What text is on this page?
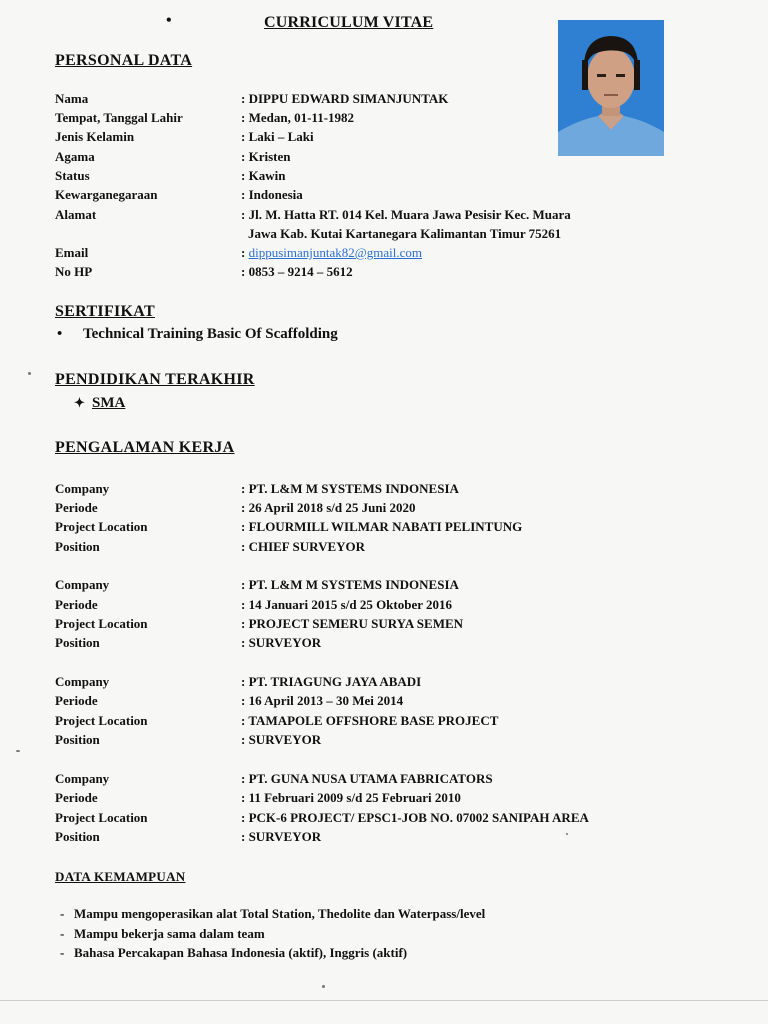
•	CURRICULUM VITAE
PERSONAL DATA
Nama	: DIPPU EDWARD SIMANJUNTAK
Tempat, Tanggal Lahir	: Medan, 01-11-1982
Jenis Kelamin	: Laki – Laki
Agama	: Kristen
Status	: Kawin
Kewarganegaraan	: Indonesia
Alamat	: Jl. M. Hatta RT. 014 Kel. Muara Jawa Pesisir Kec. Muara
Jawa Kab. Kutai Kartanegara Kalimantan Timur 75261
Email	: dippusimanjuntak82@gmail.com
No HP	: 0853 – 9214 – 5612
SERTIFIKAT
• Technical Training Basic Of Scaffolding
PENDIDIKAN TERAKHIR
✦ SMA
PENGALAMAN KERJA
Company	: PT. L&M M SYSTEMS INDONESIA
Periode	: 26 April 2018 s/d 25 Juni 2020
Project Location	: FLOURMILL WILMAR NABATI PELINTUNG
Position	: CHIEF SURVEYOR
Company	: PT. L&M M SYSTEMS INDONESIA
Periode	: 14 Januari 2015 s/d 25 Oktober 2016
Project Location	: PROJECT SEMERU SURYA SEMEN
Position	: SURVEYOR
Company	: PT. TRIAGUNG JAYA ABADI
Periode	: 16 April 2013 – 30 Mei 2014
Project Location	: TAMAPOLE OFFSHORE BASE PROJECT
Position	: SURVEYOR
Company	: PT. GUNA NUSA UTAMA FABRICATORS
Periode	: 11 Februari 2009 s/d 25 Februari 2010
Project Location	: PCK-6 PROJECT/ EPSC1-JOB NO. 07002 SANIPAH AREA
Position	: SURVEYOR
DATA KEMAMPUAN
- Mampu mengoperasikan alat Total Station, Thedolite dan Waterpass/level
- Mampu bekerja sama dalam team
- Bahasa Percakapan Bahasa Indonesia (aktif), Inggris (aktif)
